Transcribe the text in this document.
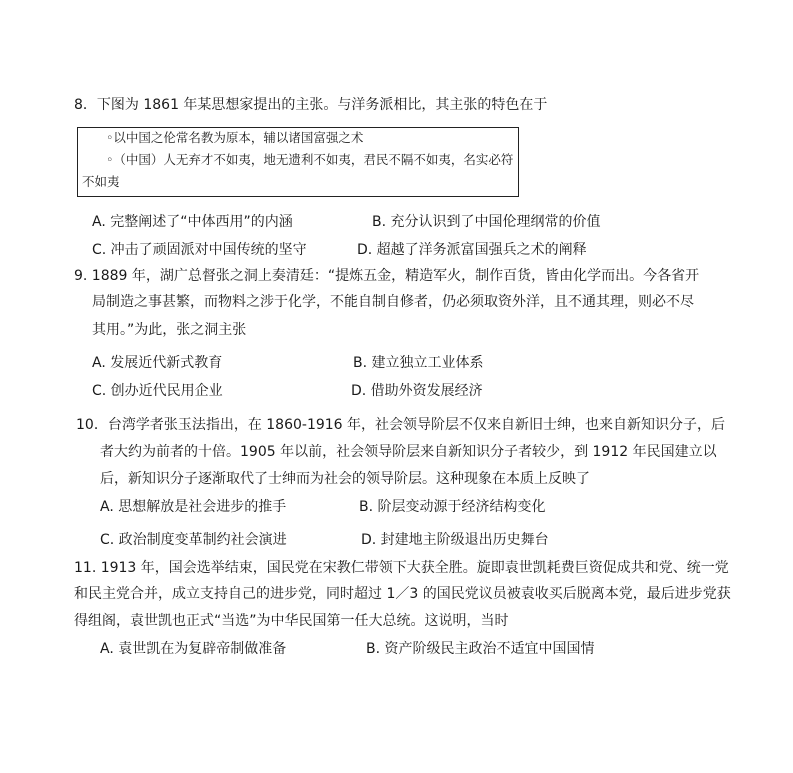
8．下图为 1861 年某思想家提出的主张。与洋务派相比，其主张的特色在于
◦以中国之伦常名教为原本，辅以诸国富强之术
◦（中国）人无弃才不如夷，地无遗利不如夷，君民不隔不如夷，名实必符
不如夷
A. 完整阐述了“中体西用”的内涵	B. 充分认识到了中国伦理纲常的价值
C. 冲击了顽固派对中国传统的坚守	D. 超越了洋务派富国强兵之术的阐释
9. 1889 年，湖广总督张之洞上奏清廷：“提炼五金，精造军火，制作百货，皆由化学而出。今各省开
局制造之事甚繁，而物料之涉于化学，不能自制自修者，仍必须取资外洋，且不通其理，则必不尽
其用。”为此，张之洞主张
A. 发展近代新式教育	B. 建立独立工业体系
C. 创办近代民用企业	D. 借助外资发展经济
10．台湾学者张玉法指出，在 1860-1916 年，社会领导阶层不仅来自新旧士绅，也来自新知识分子，后
者大约为前者的十倍。1905 年以前，社会领导阶层来自新知识分子者较少，到 1912 年民国建立以
后，新知识分子逐渐取代了士绅而为社会的领导阶层。这种现象在本质上反映了
A. 思想解放是社会进步的推手	B. 阶层变动源于经济结构变化
C. 政治制度变革制约社会演进	D. 封建地主阶级退出历史舞台
11. 1913 年，国会选举结束，国民党在宋教仁带领下大获全胜。旋即袁世凯耗费巨资促成共和党、统一党
和民主党合并，成立支持自己的进步党，同时超过 1／3 的国民党议员被袁收买后脱离本党，最后进步党获
得组阁，袁世凯也正式“当选”为中华民国第一任大总统。这说明，当时
A. 袁世凯在为复辟帝制做准备	B. 资产阶级民主政治不适宜中国国情
